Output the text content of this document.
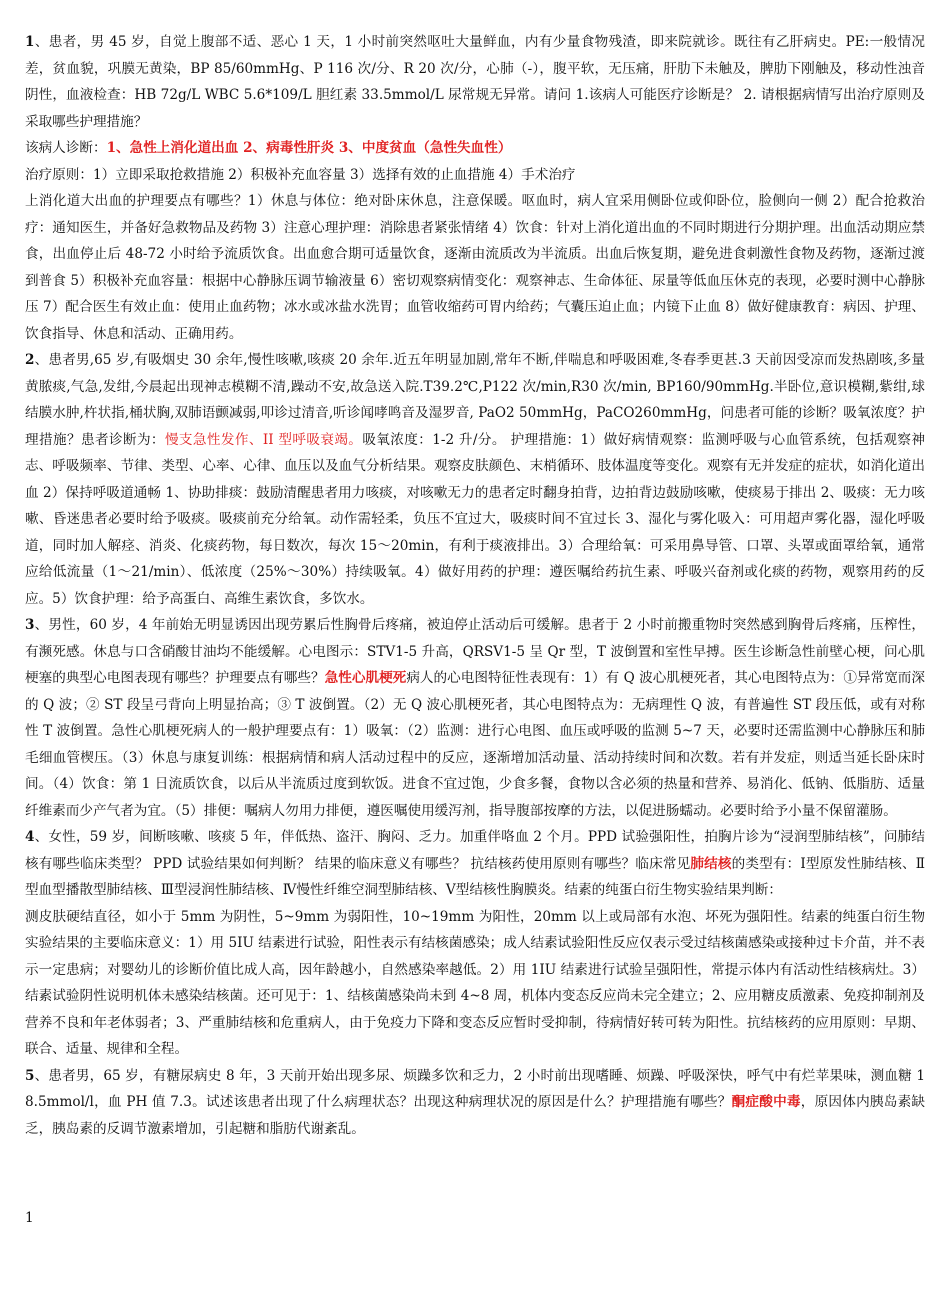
1、患者，男 45 岁，自觉上腹部不适、恶心 1 天，1 小时前突然呕吐大量鲜血，内有少量食物残渣，即来院就诊。既往有乙肝病史。PE:一般情况差，贫血貌，巩膜无黄染，BP 85/60mmHg、P 116 次/分、R 20 次/分，心肺（-），腹平软，无压痛，肝肋下未触及，脾肋下刚触及，移动性浊音阴性，血液检查：HB 72g/L WBC 5.6*109/L 胆红素 33.5mmol/L 尿常规无异常。请问 1.该病人可能医疗诊断是？ 2. 请根据病情写出治疗原则及采取哪些护理措施？

该病人诊断：1、急性上消化道出血 2、病毒性肝炎 3、中度贫血（急性失血性）

治疗原则：1）立即采取抢救措施 2）积极补充血容量 3）选择有效的止血措施 4）手术治疗

上消化道大出血的护理要点有哪些？1）休息与体位：绝对卧床休息，注意保暖。呕血时，病人宜采用侧卧位或仰卧位，脸侧向一侧 2）配合抢救治疗：通知医生，并备好急救物品及药物 3）注意心理护理：消除患者紧张情绪 4）饮食：针对上消化道出血的不同时期进行分期护理。出血活动期应禁食，出血停止后 48-72 小时给予流质饮食。出血愈合期可适量饮食，逐渐由流质改为半流质。出血后恢复期，避免进食刺激性食物及药物，逐渐过渡到普食 5）积极补充血容量：根据中心静脉压调节输液量 6）密切观察病情变化：观察神志、生命体征、尿量等低血压休克的表现，必要时测中心静脉压 7）配合医生有效止血：使用止血药物；冰水或冰盐水洗胃；血管收缩药可胃内给药；气囊压迫止血；内镜下止血 8）做好健康教育：病因、护理、饮食指导、休息和活动、正确用药。

2、患者男,65 岁,有吸烟史 30 余年,慢性咳嗽,咳痰 20 余年.近五年明显加剧,常年不断,伴喘息和呼吸困难,冬春季更甚.3 天前因受凉而发热剧咳,多量黄脓痰,气急,发绀,今晨起出现神志模糊不清,躁动不安,故急送入院.T39.2℃,P122 次/min,R30 次/min, BP160/90mmHg.半卧位,意识模糊,紫绀,球结膜水肿,杵状指,桶状胸,双肺语颤减弱,叩诊过清音,听诊闻哮鸣音及湿罗音, PaO2 50mmHg，PaCO260mmHg，问患者可能的诊断？吸氧浓度？护理措施？患者诊断为：慢支急性发作、II 型呼吸衰竭。吸氧浓度：1-2 升/分。 护理措施：1）做好病情观察：监测呼吸与心血管系统，包括观察神志、呼吸频率、节律、类型、心率、心律、血压以及血气分析结果。观察皮肤颜色、末梢循环、肢体温度等变化。观察有无并发症的症状，如消化道出血 2）保持呼吸道通畅 1、协助排痰：鼓励清醒患者用力咳痰，对咳嗽无力的患者定时翻身拍背，边拍背边鼓励咳嗽，使痰易于排出 2、吸痰：无力咳嗽、昏迷患者必要时给予吸痰。吸痰前充分给氧。动作需轻柔，负压不宜过大，吸痰时间不宜过长 3、湿化与雾化吸入：可用超声雾化器，湿化呼吸道，同时加人解痉、消炎、化痰药物，每日数次，每次 15～20min，有利于痰液排出。3）合理给氧：可采用鼻导管、口罩、头罩或面罩给氧，通常应给低流量（1～21/min）、低浓度（25%～30%）持续吸氧。4）做好用药的护理：遵医嘱给药抗生素、呼吸兴奋剂或化痰的药物，观察用药的反应。5）饮食护理：给予高蛋白、高维生素饮食，多饮水。

3、男性，60 岁，4 年前始无明显诱因出现劳累后性胸骨后疼痛，被迫停止活动后可缓解。患者于 2 小时前搬重物时突然感到胸骨后疼痛，压榨性，有濒死感。休息与口含硝酸甘油均不能缓解。心电图示：STV1-5 升高，QRSV1-5 呈 Qr 型，T 波倒置和室性早搏。医生诊断急性前壁心梗，问心肌梗塞的典型心电图表现有哪些？护理要点有哪些？急性心肌梗死病人的心电图特征性表现有：1）有 Q 波心肌梗死者，其心电图特点为：①异常宽而深的 Q 波；② ST 段呈弓背向上明显抬高；③ T 波倒置。（2）无 Q 波心肌梗死者，其心电图特点为：无病理性 Q 波，有普遍性 ST 段压低，或有对称性 T 波倒置。急性心肌梗死病人的一般护理要点有：1）吸氧：（2）监测：进行心电图、血压或呼吸的监测 5~7 天，必要时还需监测中心静脉压和肺毛细血管楔压。（3）休息与康复训练：根据病情和病人活动过程中的反应，逐渐增加活动量、活动持续时间和次数。若有并发症，则适当延长卧床时间。（4）饮食：第 1 日流质饮食，以后从半流质过度到软饭。进食不宜过饱，少食多餐，食物以含必须的热量和营养、易消化、低钠、低脂肪、适量纤维素而少产气者为宜。（5）排便：嘱病人勿用力排便，遵医嘱使用缓泻剂，指导腹部按摩的方法，以促进肠蠕动。必要时给予小量不保留灌肠。

4、女性，59 岁，间断咳嗽、咳痰 5 年，伴低热、盗汗、胸闷、乏力。加重伴咯血 2 个月。PPD 试验强阳性，拍胸片诊为“浸润型肺结核”，问肺结核有哪些临床类型？ PPD 试验结果如何判断？ 结果的临床意义有哪些？ 抗结核药使用原则有哪些？临床常见肺结核的类型有：Ⅰ型原发性肺结核、Ⅱ型血型播散型肺结核、Ⅲ型浸润性肺结核、Ⅳ慢性纤维空洞型肺结核、Ⅴ型结核性胸膜炎。结素的纯蛋白衍生物实验结果判断：

测皮肤硬结直径，如小于 5mm 为阴性，5~9mm 为弱阳性，10~19mm 为阳性，20mm 以上或局部有水泡、坏死为强阳性。结素的纯蛋白衍生物实验结果的主要临床意义：1）用 5IU 结素进行试验，阳性表示有结核菌感染；成人结素试验阳性反应仅表示受过结核菌感染或接种过卡介苗，并不表示一定患病；对婴幼儿的诊断价值比成人高，因年龄越小，自然感染率越低。2）用 1IU 结素进行试验呈强阳性，常提示体内有活动性结核病灶。3）结素试验阴性说明机体未感染结核菌。还可见于：1、结核菌感染尚未到 4~8 周，机体内变态反应尚未完全建立；2、应用糖皮质激素、免疫抑制剂及营养不良和年老体弱者；3、严重肺结核和危重病人，由于免疫力下降和变态反应暂时受抑制，待病情好转可转为阳性。抗结核药的应用原则：早期、联合、适量、规律和全程。

5、患者男，65 岁，有糖尿病史 8 年，3 天前开始出现多尿、烦躁多饮和乏力，2 小时前出现嗜睡、烦躁、呼吸深快，呼气中有烂苹果味，测血糖 18.5mmol/l，血 PH 值 7.3。试述该患者出现了什么病理状态？出现这种病理状况的原因是什么？护理措施有哪些？酮症酸中毒，原因体内胰岛素缺乏，胰岛素的反调节激素增加，引起糖和脂肪代谢紊乱。

1
